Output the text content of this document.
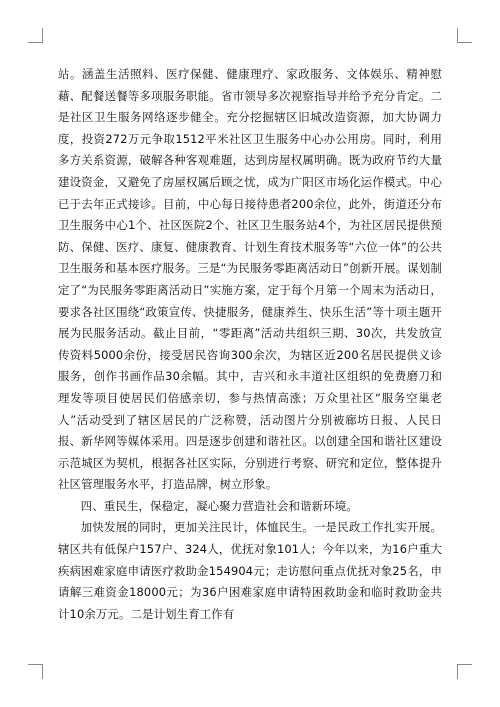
站。涵盖生活照料、医疗保健、健康理疗、家政服务、文体娱乐、精神慰藉、配餐送餐等多项服务职能。省市领导多次视察指导并给予充分肯定。二是社区卫生服务网络逐步健全。充分挖掘辖区旧城改造资源，加大协调力度，投资272万元争取1512平米社区卫生服务中心办公用房。同时，利用多方关系资源，破解各种客观难题，达到房屋权属明确。既为政府节约大量建设资金，又避免了房屋权属后顾之忧，成为广阳区市场化运作模式。中心已于去年正式接诊。目前，中心每日接待患者200余位，此外，街道还分布卫生服务中心1个、社区医院2个、社区卫生服务站4个，为社区居民提供预防、保健、医疗、康复、健康教育、计划生育技术服务等“六位一体”的公共卫生服务和基本医疗服务。三是“为民服务零距离活动日”创新开展。谋划制定了“为民服务零距离活动日”实施方案，定于每个月第一个周末为活动日，要求各社区围绕“政策宣传、快捷服务，健康养生、快乐生活”等十项主题开展为民服务活动。截止目前，“零距离”活动共组织三期、30次，共发放宣传资料5000余份，接受居民咨询300余次，为辖区近200名居民提供义诊服务，创作书画作品30余幅。其中，吉兴和永丰道社区组织的免费磨刀和理发等项目使居民们倍感亲切，参与热情高涨；万众里社区“服务空巢老人”活动受到了辖区居民的广泛称赞，活动图片分别被廊坊日报、人民日报、新华网等媒体采用。四是逐步创建和谐社区。以创建全国和谐社区建设示范城区为契机，根据各社区实际，分别进行考察、研究和定位，整体提升社区管理服务水平，打造品牌，树立形象。

四、重民生，保稳定，凝心聚力营造社会和谐新环境。

加快发展的同时，更加关注民计，体恤民生。一是民政工作扎实开展。辖区共有低保户157户、324人，优抚对象101人；今年以来，为16户重大疾病困难家庭申请医疗救助金154904元；走访慰问重点优抚对象25名，申请解三难资金18000元；为36户困难家庭申请特困救助金和临时救助金共计10余万元。二是计划生育工作有
